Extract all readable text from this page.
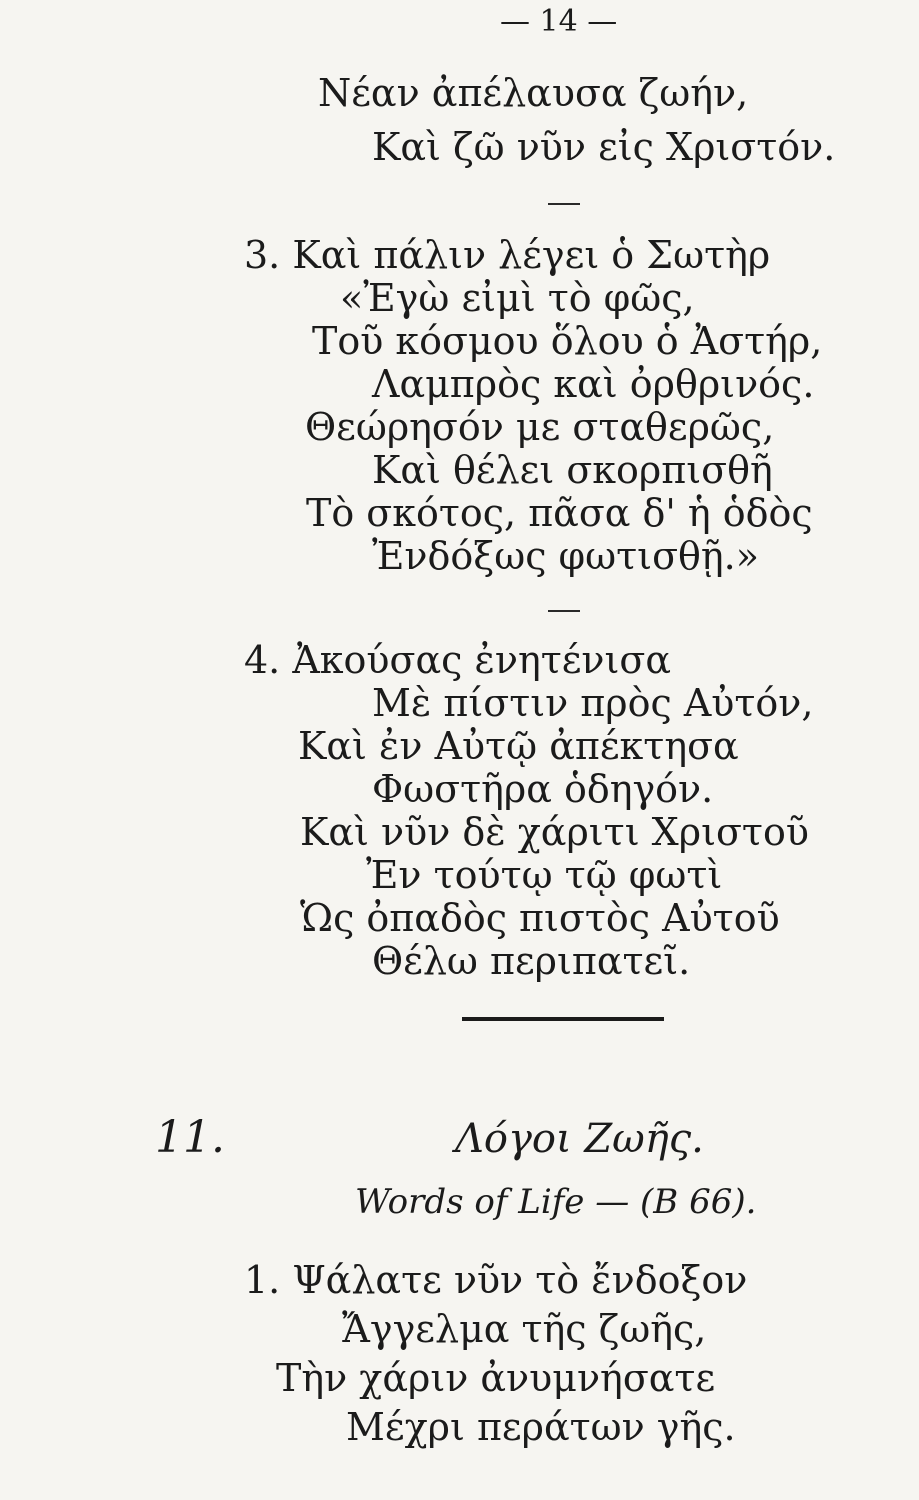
— 14 —
Νέαν ἀπέλαυσα ζωήν,
Καὶ ζῶ νῦν εἰς Χριστόν.
3. Καὶ πάλιν λέγει ὁ Σωτὴρ
«Ἐγὼ εἰμὶ τὸ φῶς,
Τοῦ κόσμου ὅλου ὁ Ἀστήρ,
Λαμπρὸς καὶ ὀρθρινός.
Θεώρησόν με σταθερῶς,
Καὶ θέλει σκορπισθῆ
Τὸ σκότος, πᾶσα δ' ἡ ὁδὸς
Ἐνδόξως φωτισθῇ.»
4. Ἀκούσας ἐνητένισα
Μὲ πίστιν πρὸς Αὐτόν,
Καὶ ἐν Αὐτῷ ἀπέκτησα
Φωστῆρα ὁδηγόν.
Καὶ νῦν δὲ χάριτι Χριστοῦ
Ἐν τούτῳ τῷ φωτὶ
Ὡς ὀπαδὸς πιστὸς Αὐτοῦ
Θέλω περιπατεῖ.
11.	Λόγοι Ζωῆς.
Words of Life — (B 66).
1. Ψάλατε νῦν τὸ ἔνδοξον
Ἄγγελμα τῆς ζωῆς,
Τὴν χάριν ἀνυμνήσατε
Μέχρι περάτων γῆς.
